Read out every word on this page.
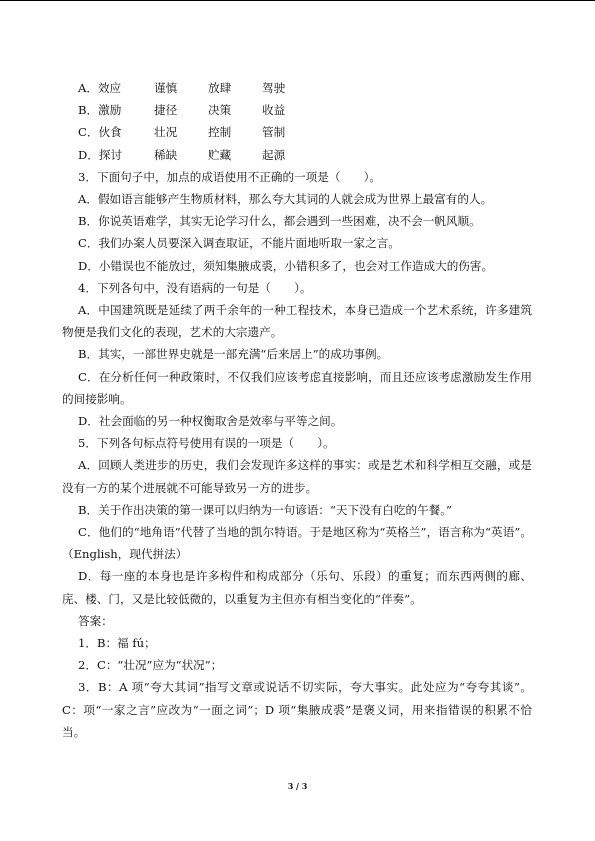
A．效应	谨慎	放肆	驾驶
B．激励	捷径	决策	收益
C．伙食	壮况	控制	管制
D．探讨	稀缺	贮藏	起源

3．下面句子中，加点的成语使用不正确的一项是（　　）。

A．假如语言能够产生物质材料，那么夸大其词的人就会成为世界上最富有的人。

B．你说英语难学，其实无论学习什么，都会遇到一些困难，决不会一帆风顺。

C．我们办案人员要深入调查取证，不能片面地听取一家之言。

D．小错误也不能放过，须知集腋成裘，小错积多了，也会对工作造成大的伤害。

4．下列各句中，没有语病的一句是（　　）。

A．中国建筑既是延续了两千余年的一种工程技术，本身已造成一个艺术系统，许多建筑物便是我们文化的表现，艺术的大宗遗产。

B．其实，一部世界史就是一部充满“后来居上”的成功事例。

C．在分析任何一种政策时，不仅我们应该考虑直接影响，而且还应该考虑激励发生作用的间接影响。

D．社会面临的另一种权衡取舍是效率与平等之间。

5．下列各句标点符号使用有误的一项是（　　）。

A．回顾人类进步的历史，我们会发现许多这样的事实：或是艺术和科学相互交融，或是没有一方的某个进展就不可能导致另一方的进步。

B．关于作出决策的第一课可以归纳为一句谚语：“天下没有白吃的午餐。”

C．他们的“地角语”代替了当地的凯尔特语。于是地区称为“英格兰”，语言称为“英语”。（English，现代拼法）

D．每一座的本身也是许多构件和构成部分（乐句、乐段）的重复；而东西两侧的廊、庑、楼、门，又是比较低微的，以重复为主但亦有相当变化的“伴奏”。

答案：

1．B：福 fú；

2．C：“壮况”应为“状况”；

3．B：A 项“夸大其词”指写文章或说话不切实际，夸大事实。此处应为“夸夸其谈”。C：项“一家之言”应改为“一面之词”；D 项“集腋成裘”是褒义词，用来指错误的积累不恰当。

3 / 3
